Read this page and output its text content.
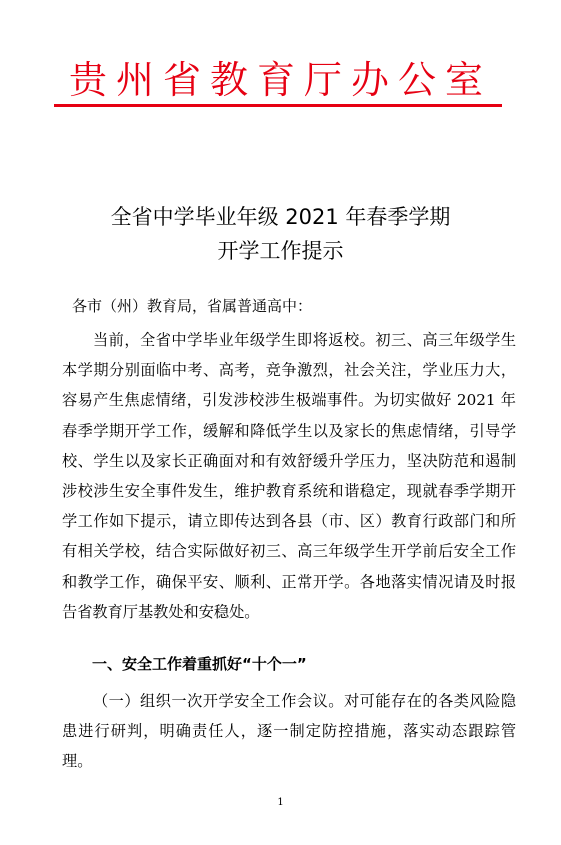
贵州省教育厅办公室
全省中学毕业年级 2021 年春季学期
开学工作提示
各市（州）教育局，省属普通高中：
当前，全省中学毕业年级学生即将返校。初三、高三年级学生本学期分别面临中考、高考，竞争激烈，社会关注，学业压力大，容易产生焦虑情绪，引发涉校涉生极端事件。为切实做好 2021 年春季学期开学工作，缓解和降低学生以及家长的焦虑情绪，引导学校、学生以及家长正确面对和有效舒缓升学压力，坚决防范和遏制涉校涉生安全事件发生，维护教育系统和谐稳定，现就春季学期开学工作如下提示，请立即传达到各县（市、区）教育行政部门和所有相关学校，结合实际做好初三、高三年级学生开学前后安全工作和教学工作，确保平安、顺利、正常开学。各地落实情况请及时报告省教育厅基教处和安稳处。
一、安全工作着重抓好“十个一”
（一）组织一次开学安全工作会议。对可能存在的各类风险隐患进行研判，明确责任人，逐一制定防控措施，落实动态跟踪管理。
1
